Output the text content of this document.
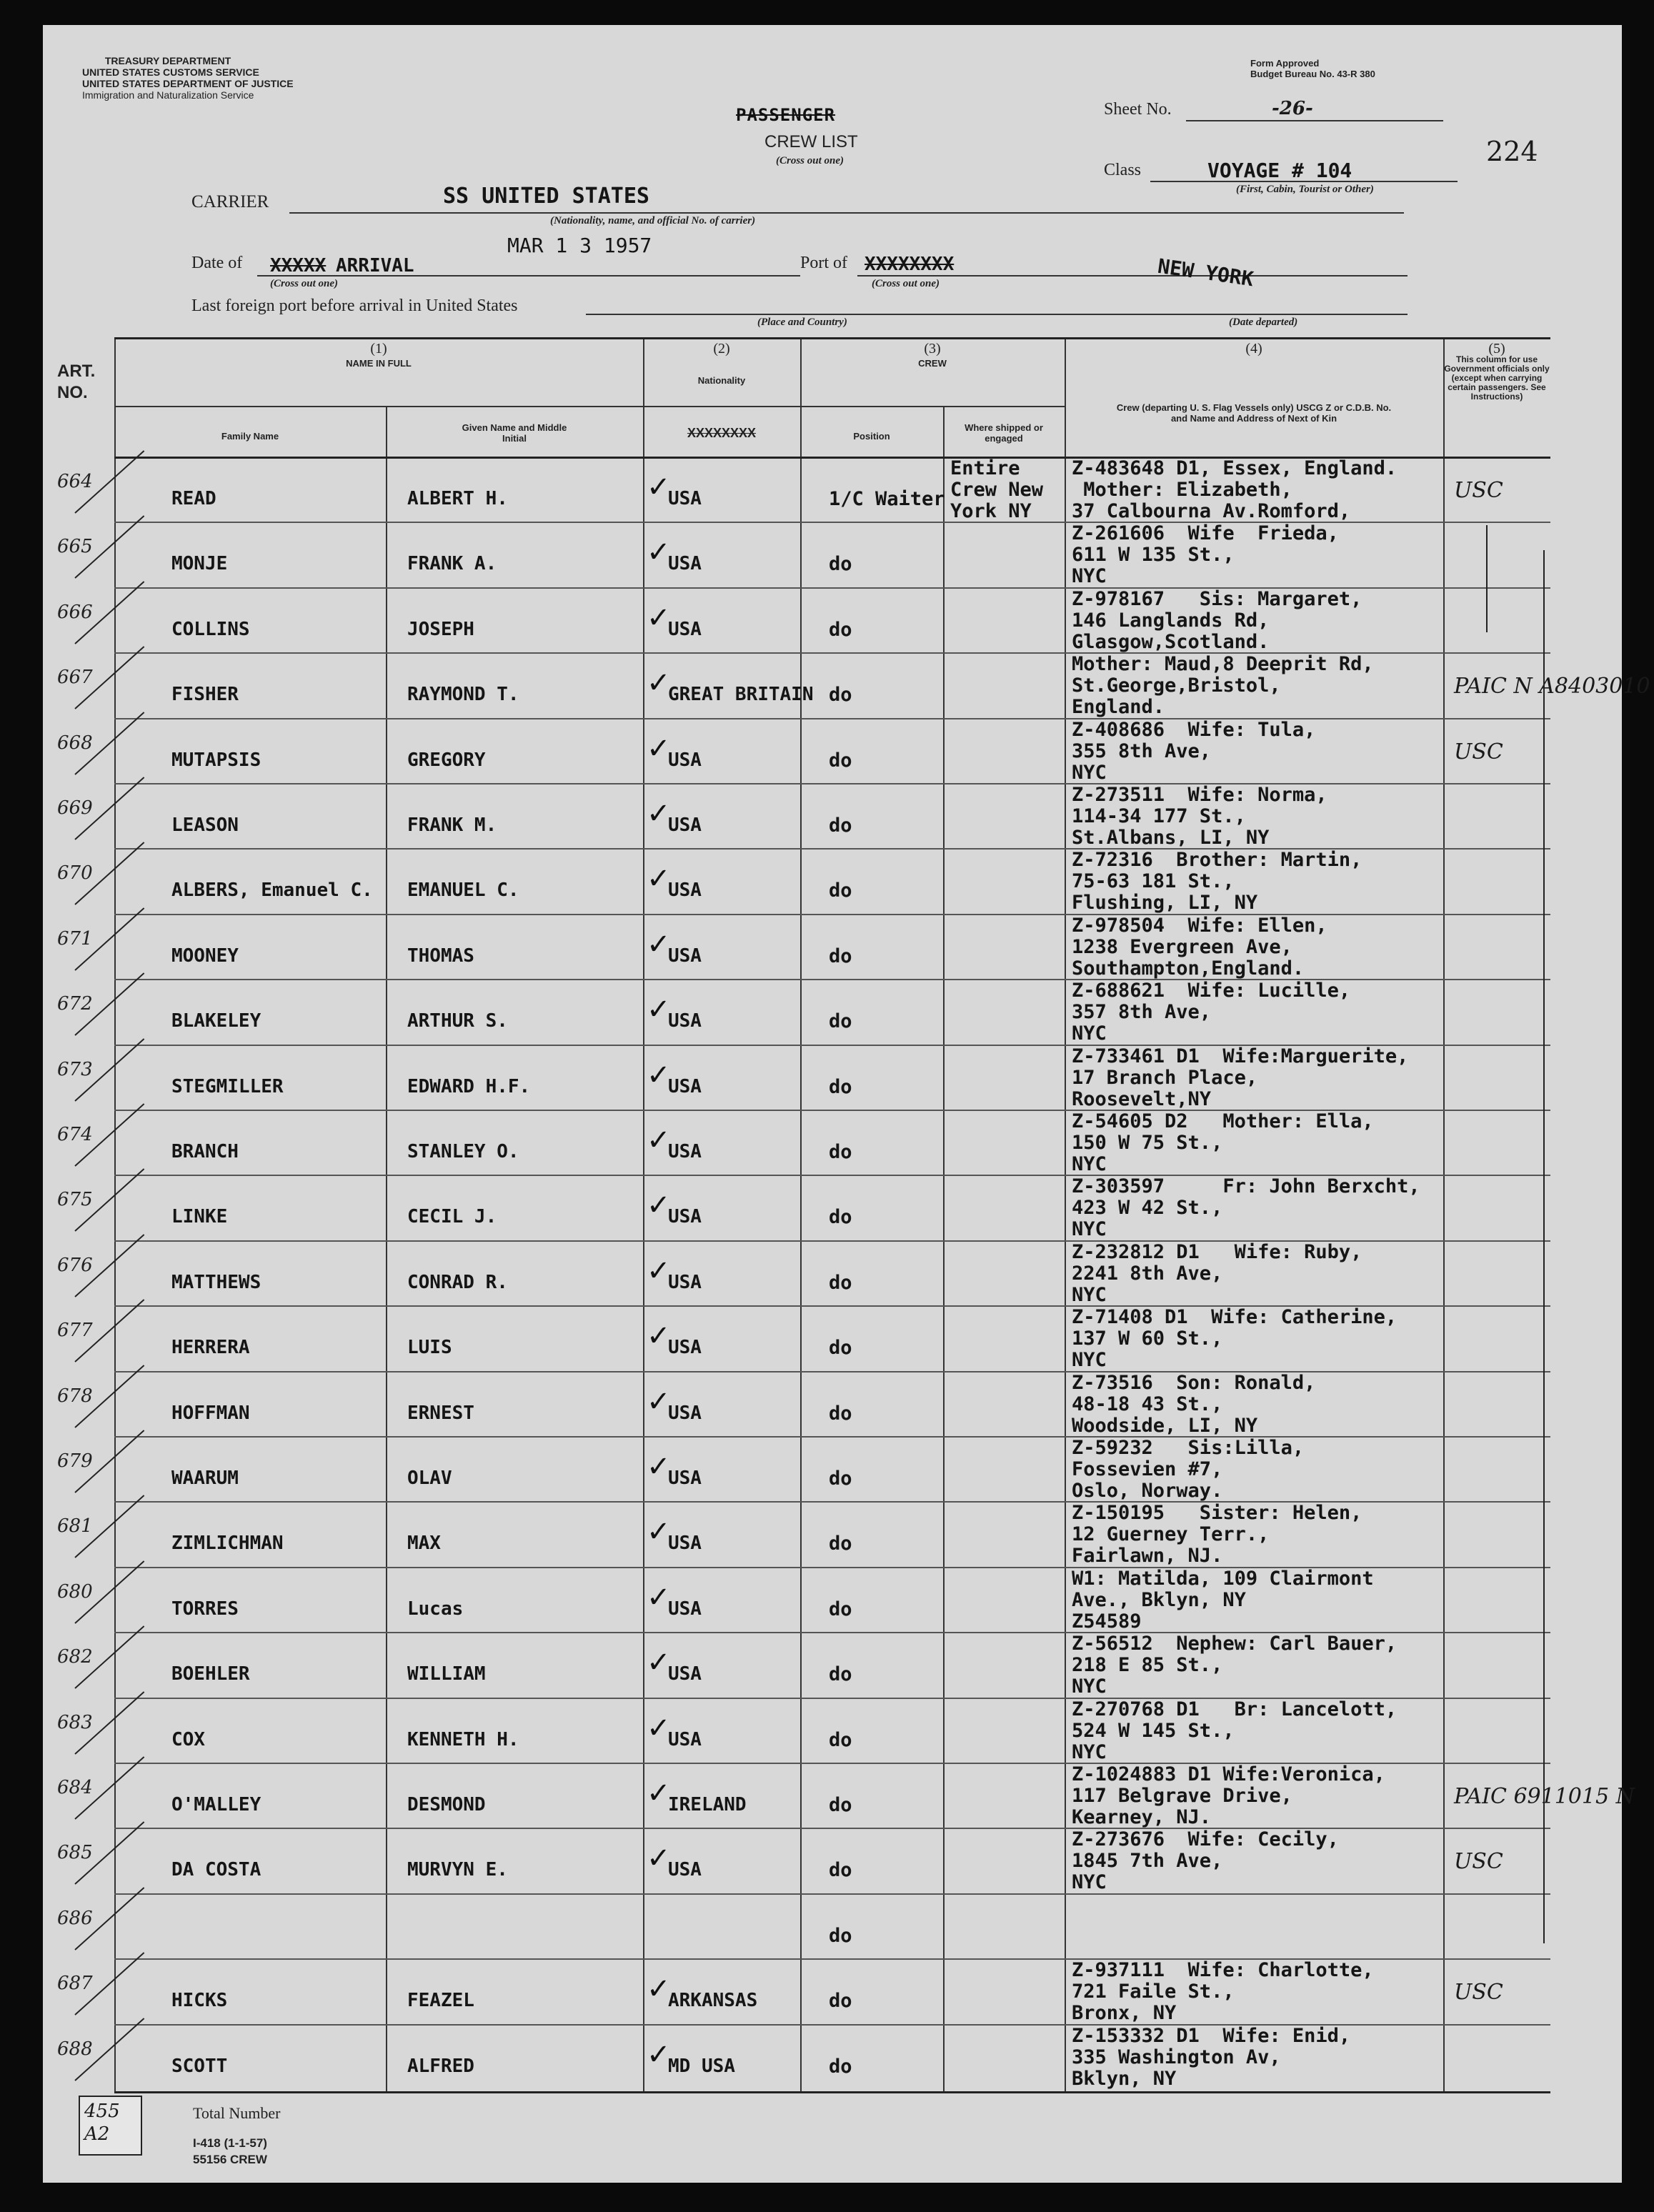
TREASURY DEPARTMENT
UNITED STATES CUSTOMS SERVICE
UNITED STATES DEPARTMENT OF JUSTICE
Immigration and Naturalization Service
Form Approved
Budget Bureau No. 43-R 380
PASSENGER
CREW LIST
(Cross out one)
Sheet No.	-26-
224
Class	VOYAGE # 104
(First, Cabin, Tourist or Other)
CARRIER	SS UNITED STATES
(Nationality, name, and official No. of carrier)
Date of XXXXX ARRIVAL
MAR 1 3 1957
(Cross out one)
Port of XXXXXXXX
(Cross out one)	NEW YORK
Last foreign port before arrival in United States
(Place and Country)	(Date departed)
ART. NO.
(1)
NAME IN FULL
Family Name
Given Name and Middle Initial
(2)
Nationality
XXXXXXXX
(3)
CREW
Position
Where shipped or engaged
(4)
Crew (departing U. S. Flag Vessels only) USCG Z or C.D.B. No. and Name and Address of Next of Kin
(5)
This column for use Government officials only (except when carrying certain passengers. See Instructions)
664
READ	ALBERT H.	USA	1/C Waiter
Entire Crew New York NY
Z-483648 D1, Essex, England.
Mother: Elizabeth,
37 Calbourna Av.Romford,
USC
✓
665
MONJE	FRANK A.	USA	do
Z-261606  Wife  Frieda,
611 W 135 St.,
NYC
✓
666
COLLINS	JOSEPH	USA	do
Z-978167   Sis: Margaret,
146 Langlands Rd,
Glasgow,Scotland.
✓
667
FISHER	RAYMOND T.	GREAT BRITAIN do
Mother: Maud,8 Deeprit Rd,
St.George,Bristol,
England.
PAIC N A8403010
✓
668
MUTAPSIS	GREGORY	USA	do
Z-408686  Wife: Tula,
355 8th Ave,
NYC
USC
✓
669
LEASON	FRANK M.	USA	do
Z-273511  Wife: Norma,
114-34 177 St.,
St.Albans, LI, NY
✓
670
ALBERS, Emanuel C. EMANUEL C.	USA	do
Z-72316  Brother: Martin,
75-63 181 St.,
Flushing, LI, NY
✓
671
MOONEY	THOMAS	USA	do
Z-978504  Wife: Ellen,
1238 Evergreen Ave,
Southampton,England.
✓
672
BLAKELEY	ARTHUR S.	USA	do
Z-688621  Wife: Lucille,
357 8th Ave,
NYC
✓
673
STEGMILLER	EDWARD H.F.	USA	do
Z-733461 D1  Wife:Marguerite,
17 Branch Place,
Roosevelt,NY
✓
674
BRANCH	STANLEY O.	USA	do
Z-54605 D2   Mother: Ella,
150 W 75 St.,
NYC
✓
675
LINKE	CECIL J.	USA	do
Z-303597     Fr: John Berxcht,
423 W 42 St.,
NYC
✓
676
MATTHEWS	CONRAD R.	USA	do
Z-232812 D1   Wife: Ruby,
2241 8th Ave,
NYC
✓
677
HERRERA	LUIS	USA	do
Z-71408 D1  Wife: Catherine,
137 W 60 St.,
NYC
✓
678
HOFFMAN	ERNEST	USA	do
Z-73516  Son: Ronald,
48-18 43 St.,
Woodside, LI, NY
✓
679
WAARUM	OLAV	USA	do
Z-59232   Sis:Lilla,
Fossevien #7,
Oslo, Norway.
✓
681
ZIMLICHMAN	MAX	USA	do
Z-150195   Sister: Helen,
12 Guerney Terr.,
Fairlawn, NJ.
✓
680
TORRES	Lucas	USA	do
W1: Matilda, 109 Clairmont
Ave., Bklyn, NY
Z54589
✓
682
BOEHLER	WILLIAM	USA	do
Z-56512  Nephew: Carl Bauer,
218 E 85 St.,
NYC
✓
683
COX	KENNETH H.	USA	do
Z-270768 D1   Br: Lancelott,
524 W 145 St.,
NYC
✓
684
O'MALLEY	DESMOND	IRELAND	do
Z-1024883 D1 Wife:Veronica,
117 Belgrave Drive,
Kearney, NJ.
PAIC 6911015 N
✓
685
DA COSTA	MURVYN E.	USA	do
Z-273676  Wife: Cecily,
1845 7th Ave,
NYC
USC
✓
686
do
687
HICKS	FEAZEL	ARKANSAS	do
Z-937111  Wife: Charlotte,
721 Faile St.,
Bronx, NY
USC
✓
688
SCOTT	ALFRED	MD USA	do
Z-153332 D1  Wife: Enid,
335 Washington Av,
Bklyn, NY
✓
455  A2
Total Number
I-418 (1-1-57)
55156 CREW
